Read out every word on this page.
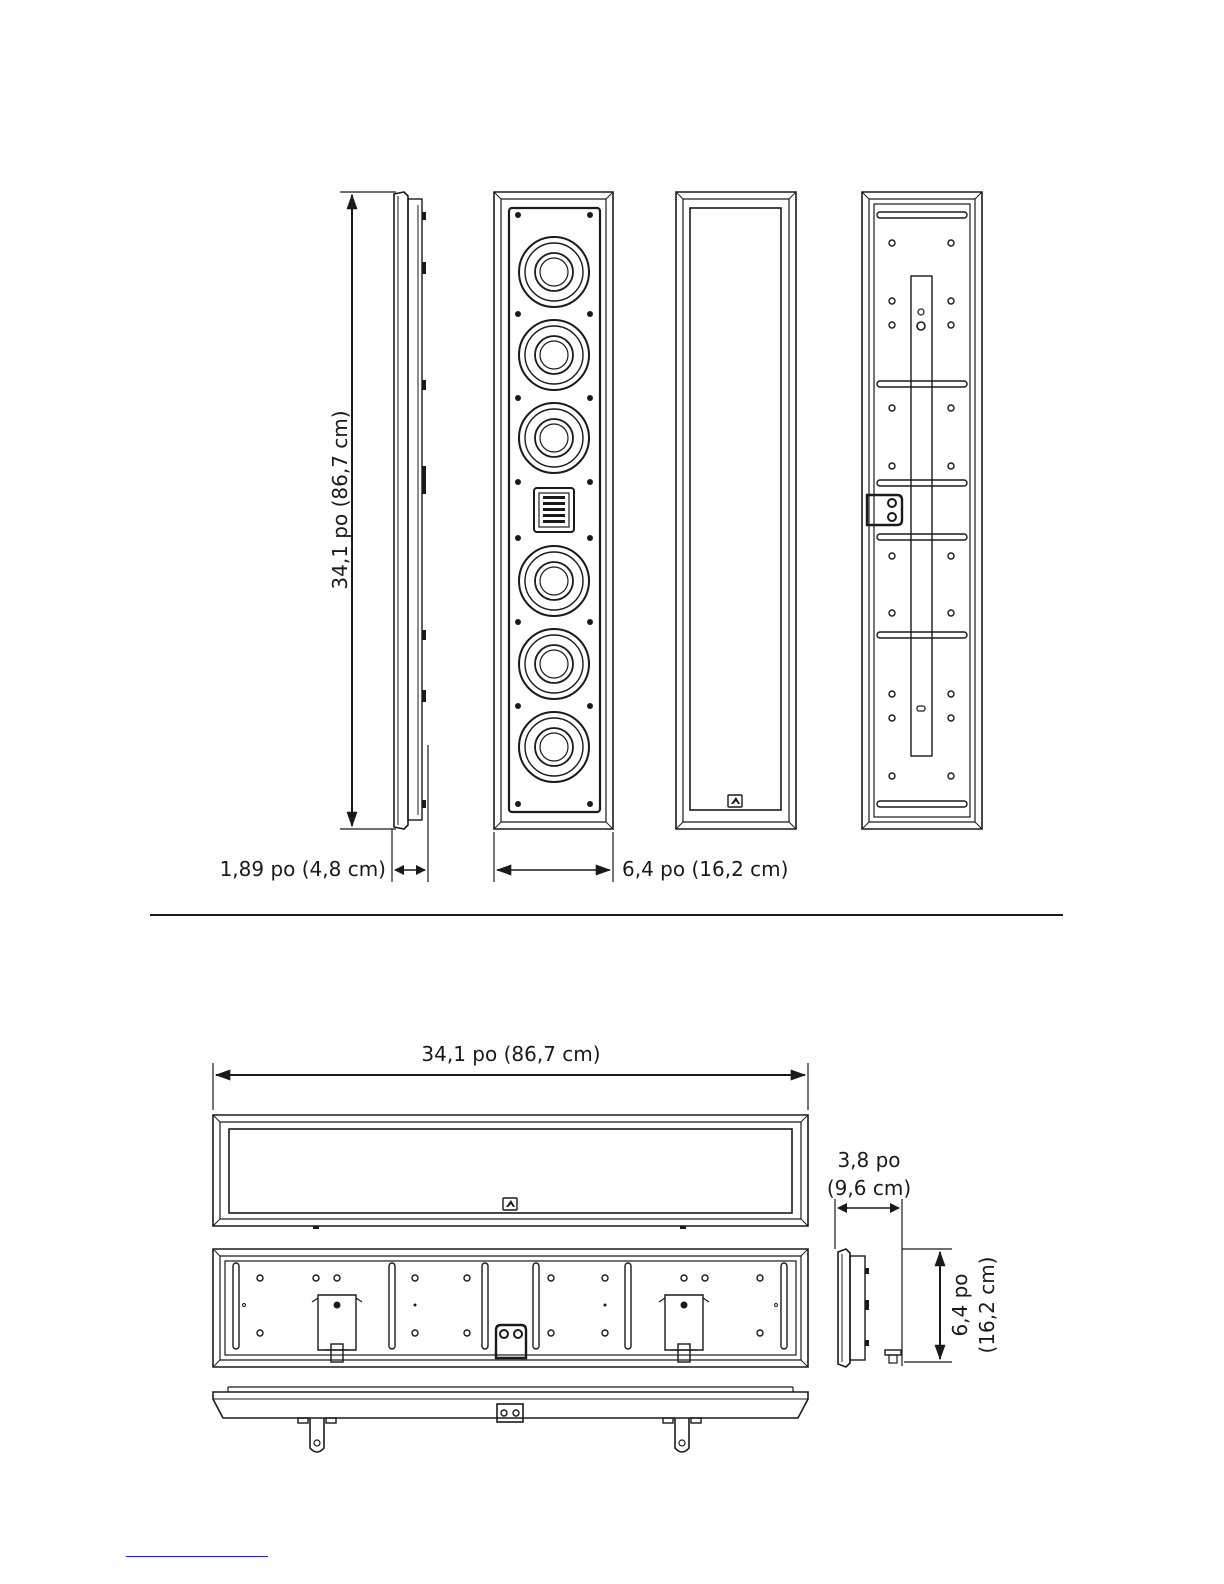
34,1 po (86,7 cm)
1,89 po (4,8 cm)	6,4 po (16,2 cm)
34,1 po (86,7 cm)
3,8 po
(9,6 cm)
6,4 po (16,2 cm)
